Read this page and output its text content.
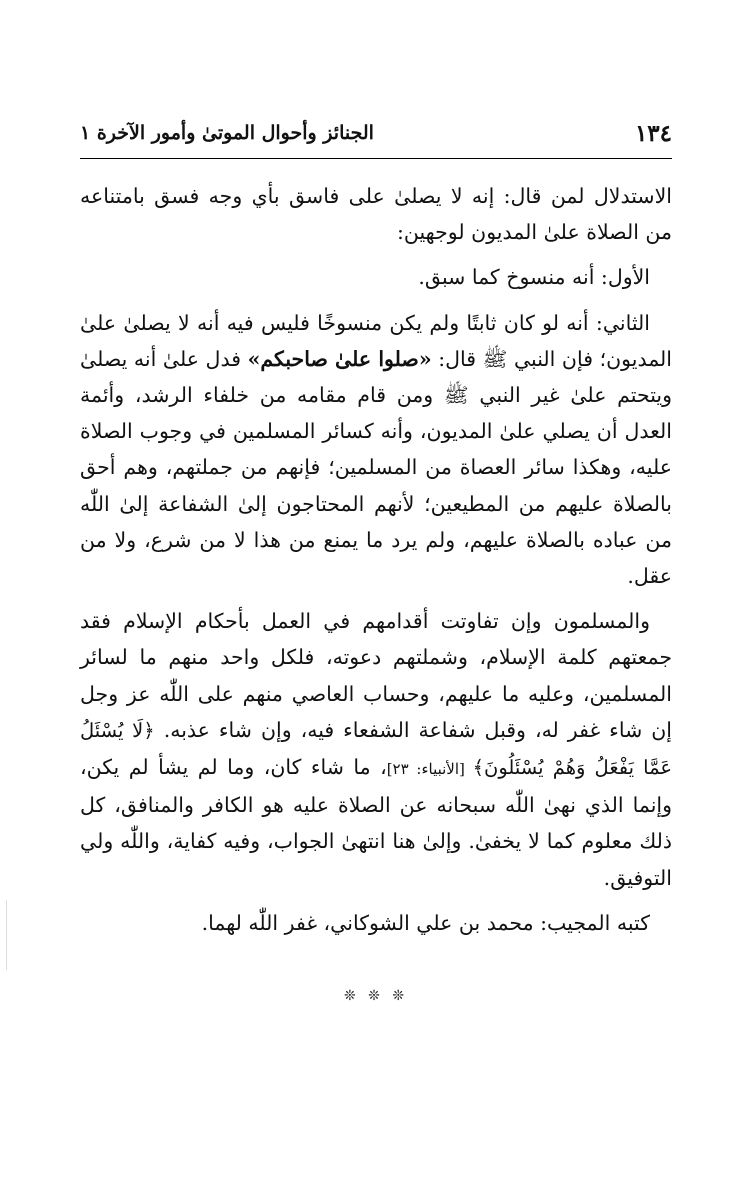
١٣٤
الجنائز وأحوال الموتىٰ وأمور الآخرة ١

الاستدلال لمن قال: إنه لا يصلىٰ على فاسق بأي وجه فسق بامتناعه من الصلاة علىٰ المديون لوجهين:

الأول: أنه منسوخ كما سبق.

الثاني: أنه لو كان ثابتًا ولم يكن منسوخًا فليس فيه أنه لا يصلىٰ علىٰ المديون؛ فإن النبي ﷺ قال: «صلوا علىٰ صاحبكم» فدل علىٰ أنه يصلىٰ ويتحتم علىٰ غير النبي ﷺ ومن قام مقامه من خلفاء الرشد، وأئمة العدل أن يصلي علىٰ المديون، وأنه كسائر المسلمين في وجوب الصلاة عليه، وهكذا سائر العصاة من المسلمين؛ فإنهم من جملتهم، وهم أحق بالصلاة عليهم من المطيعين؛ لأنهم المحتاجون إلىٰ الشفاعة إلىٰ اللّٰه من عباده بالصلاة عليهم، ولم يرد ما يمنع من هذا لا من شرع، ولا من عقل.

والمسلمون وإن تفاوتت أقدامهم في العمل بأحكام الإسلام فقد جمعتهم كلمة الإسلام، وشملتهم دعوته، فلكل واحد منهم ما لسائر المسلمين، وعليه ما عليهم، وحساب العاصي منهم على اللّٰه عز وجل إن شاء غفر له، وقبل شفاعة الشفعاء فيه، وإن شاء عذبه. ﴿لَا يُسْئَلُ عَمَّا يَفْعَلُ وَهُمْ يُسْئَلُونَ﴾ [الأنبياء: ٢٣]، ما شاء كان، وما لم يشأ لم يكن، وإنما الذي نهىٰ اللّٰه سبحانه عن الصلاة عليه هو الكافر والمنافق، كل ذلك معلوم كما لا يخفىٰ. وإلىٰ هنا انتهىٰ الجواب، وفيه كفاية، واللّٰه ولي التوفيق.

كتبه المجيب: محمد بن علي الشوكاني، غفر اللّٰه لهما.

❊ ❊ ❊
